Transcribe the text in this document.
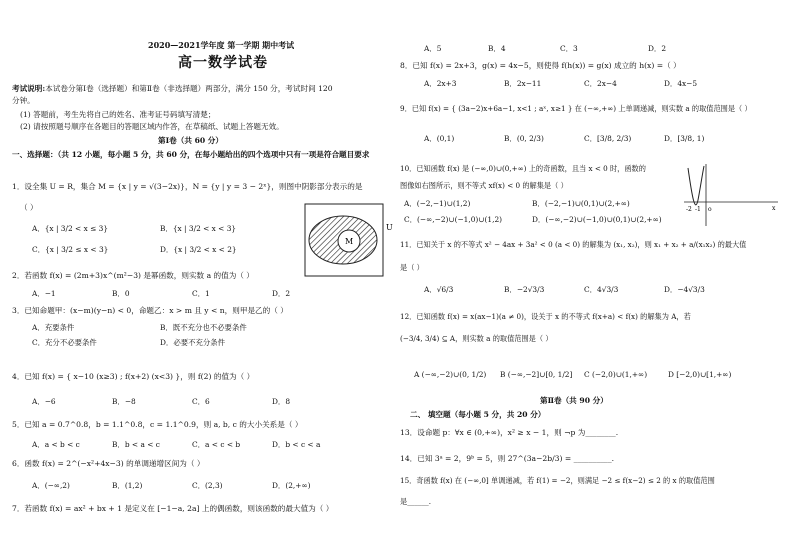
2020—2021学年度 第一学期 期中考试
高一数学试卷
考试说明:本试卷分第Ⅰ卷（选择题）和第Ⅱ卷（非选择题）两部分，满分 150 分，考试时间 120
分钟。
(1) 答题前，考生先将自己的姓名、准考证号码填写清楚；
(2) 请按照题号顺序在各题目的答题区域内作答，在草稿纸、试题上答题无效。
第Ⅰ卷（共 60 分）
一、选择题：（共 12 小题，每小题 5 分，共 60 分，在每小题给出的四个选项中只有一项是符合题目要求
1．设全集 U = R，集合 M = {x | y = √(3−2x)}，N = {y | y = 3 − 2ˣ}，则图中阴影部分表示的是
（ ）
A．{x | 3/2 < x ≤ 3}	B．{x | 3/2 < x < 3}
C．{x | 3/2 ≤ x < 3}	D．{x | 3/2 < x < 2}
M
U
2．若函数 f(x) = (2m+3)x^(m²−3) 是幂函数，则实数 a 的值为（ ）
A．−1	B．0	C．1	D．2
3．已知命题甲：(x−m)(y−n) < 0，命题乙：x > m 且 y < n，则甲是乙的（ ）
A．充要条件	B．既不充分也不必要条件
C．充分不必要条件	D．必要不充分条件
4．已知 f(x) = { x−10 (x≥3) ; f(x+2) (x<3) }，则 f(2) 的值为（ ）
A．−6	B．−8	C．6	D．8
5．已知 a = 0.7^0.8，b = 1.1^0.8，c = 1.1^0.9，则 a, b, c 的大小关系是（ ）
A．a < b < c	B．b < a < c	C．a < c < b	D．b < c < a
6．函数 f(x) = 2^(−x²+4x−3) 的单调递增区间为（ ）
A．(−∞,2)	B．(1,2)	C．(2,3)	D．(2,+∞)
7．若函数 f(x) = ax² + bx + 1 是定义在 [−1−a, 2a] 上的偶函数，则该函数的最大值为（ ）
A．5	B．4	C．3	D．2
8．已知 f(x) = 2x+3，g(x) = 4x−5，则使得 f(h(x)) = g(x) 成立的 h(x) =（ ）
A．2x+3	B．2x−11	C．2x−4	D．4x−5
9．已知 f(x) = { (3a−2)x+6a−1, x<1 ; aˣ, x≥1 } 在 (−∞,+∞) 上单调递减，则实数 a 的取值范围是（ ）
A．(0,1)	B．(0, 2/3)	C．[3/8, 2/3)	D．[3/8, 1)
10．已知函数 f(x) 是 (−∞,0)∪(0,+∞) 上的奇函数，且当 x < 0 时，函数的
图像如右图所示，则不等式 xf(x) < 0 的解集是（ ）
A．(−2,−1)∪(1,2)	B．(−2,−1)∪(0,1)∪(2,+∞)
C．(−∞,−2)∪(−1,0)∪(1,2)	D．(−∞,−2)∪(−1,0)∪(0,1)∪(2,+∞)
-2 -1 o	x
11．已知关于 x 的不等式 x² − 4ax + 3a² < 0 (a < 0) 的解集为 (x₁, x₂)，则 x₁ + x₂ + a/(x₁x₂) 的最大值
是（ ）
A．√6/3	B．−2√3/3	C．4√3/3	D．−4√3/3
12．已知函数 f(x) = x(ax−1)(a ≠ 0)，设关于 x 的不等式 f(x+a) < f(x) 的解集为 A，若
(−3/4, 3/4) ⊆ A，则实数 a 的取值范围是（ ）
A (−∞,−2)∪(0, 1/2) B (−∞,−2]∪[0, 1/2] C (−2,0)∪(1,+∞)	D [−2,0)∪[1,+∞)
第Ⅱ卷（共 90 分）
二、 填空题（每小题 5 分，共 20 分）
13．设命题 p：∀x ∈ (0,+∞)，x² ≥ x − 1，则 ¬p 为________.
14．已知 3ᵃ = 2，9ᵇ = 5，则 27^(3a−2b/3) = __________.
15．奇函数 f(x) 在 (−∞,0] 单调递减，若 f(1) = −2，则满足 −2 ≤ f(x−2) ≤ 2 的 x 的取值范围
是______.
